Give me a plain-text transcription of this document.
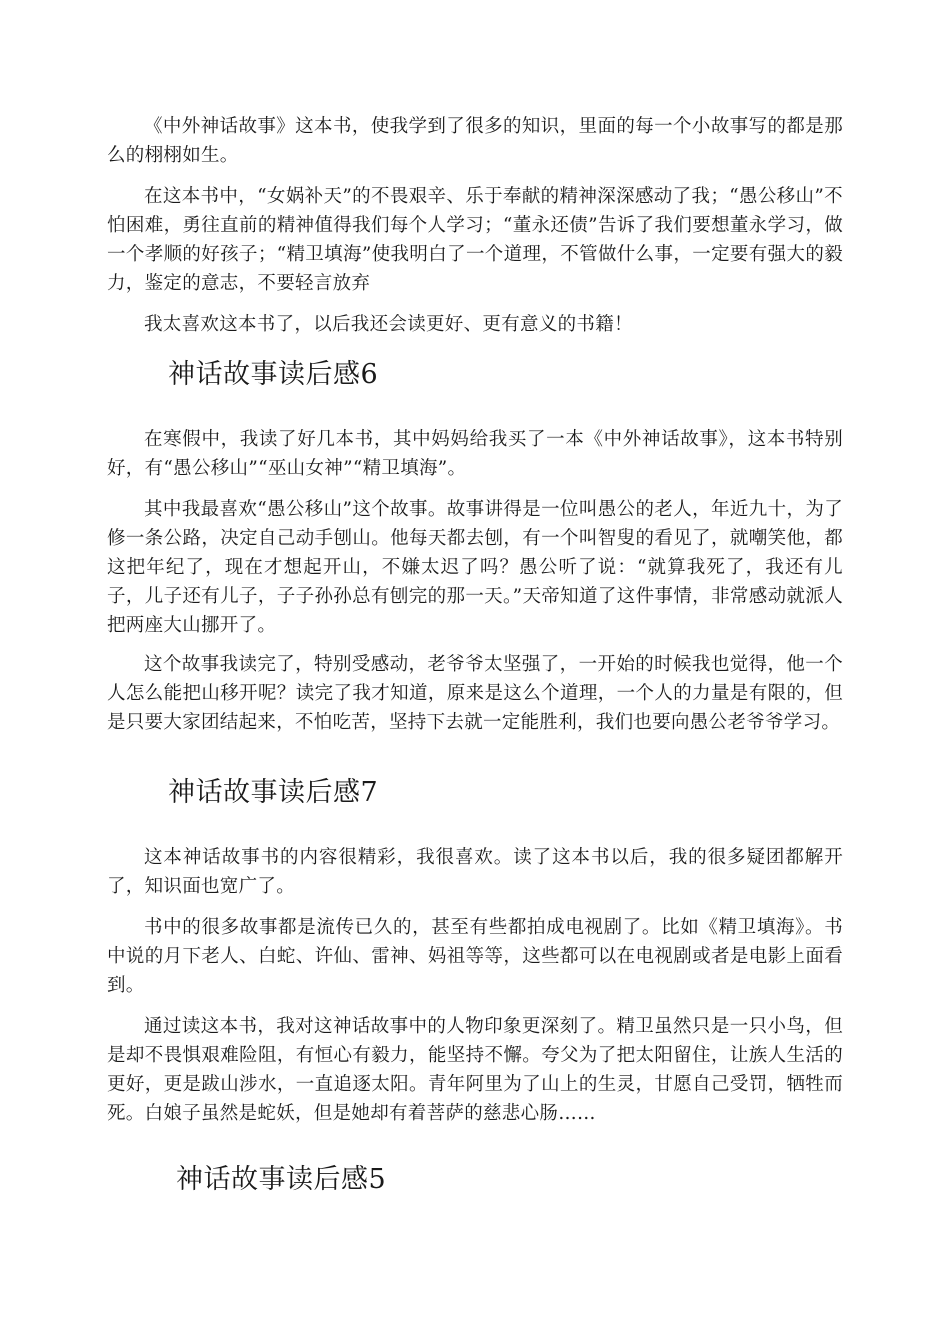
《中外神话故事》这本书，使我学到了很多的知识，里面的每一个小故事写的都是那么的栩栩如生。

在这本书中，“女娲补天”的不畏艰辛、乐于奉献的精神深深感动了我；“愚公移山”不怕困难，勇往直前的精神值得我们每个人学习；“董永还债”告诉了我们要想董永学习，做一个孝顺的好孩子；“精卫填海”使我明白了一个道理，不管做什么事，一定要有强大的毅力，鉴定的意志，不要轻言放弃

我太喜欢这本书了，以后我还会读更好、更有意义的书籍！

神话故事读后感6

在寒假中，我读了好几本书，其中妈妈给我买了一本《中外神话故事》，这本书特别好，有“愚公移山”“巫山女神”“精卫填海”。

其中我最喜欢“愚公移山”这个故事。故事讲得是一位叫愚公的老人，年近九十，为了修一条公路，决定自己动手刨山。他每天都去刨，有一个叫智叟的看见了，就嘲笑他，都这把年纪了，现在才想起开山，不嫌太迟了吗？愚公听了说：“就算我死了，我还有儿子，儿子还有儿子，子子孙孙总有刨完的那一天。”天帝知道了这件事情，非常感动就派人把两座大山挪开了。

这个故事我读完了，特别受感动，老爷爷太坚强了，一开始的时候我也觉得，他一个人怎么能把山移开呢？读完了我才知道，原来是这么个道理，一个人的力量是有限的，但是只要大家团结起来，不怕吃苦，坚持下去就一定能胜利，我们也要向愚公老爷爷学习。

神话故事读后感7

这本神话故事书的内容很精彩，我很喜欢。读了这本书以后，我的很多疑团都解开了，知识面也宽广了。

书中的很多故事都是流传已久的，甚至有些都拍成电视剧了。比如《精卫填海》。书中说的月下老人、白蛇、许仙、雷神、妈祖等等，这些都可以在电视剧或者是电影上面看到。

通过读这本书，我对这神话故事中的人物印象更深刻了。精卫虽然只是一只小鸟，但是却不畏惧艰难险阻，有恒心有毅力，能坚持不懈。夸父为了把太阳留住，让族人生活的更好，更是跋山涉水，一直追逐太阳。青年阿里为了山上的生灵，甘愿自己受罚，牺牲而死。白娘子虽然是蛇妖，但是她却有着菩萨的慈悲心肠……

神话故事读后感5
